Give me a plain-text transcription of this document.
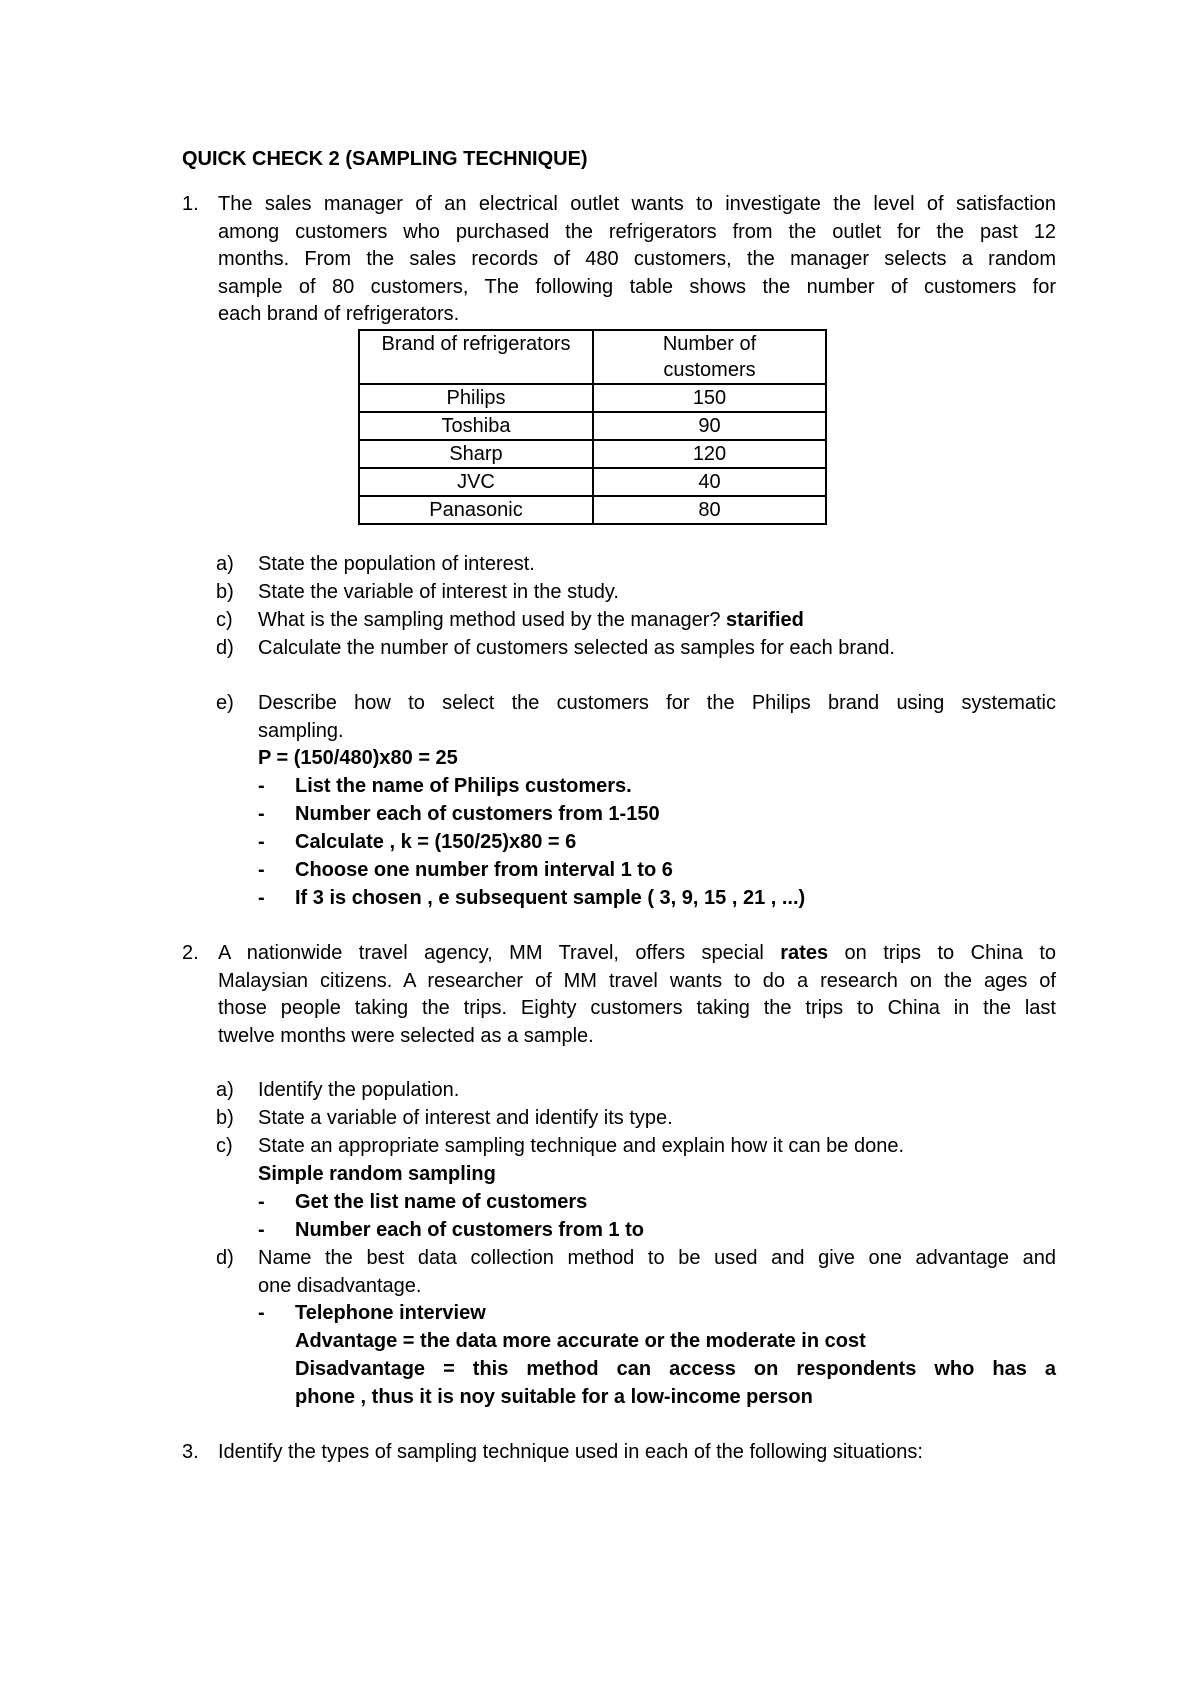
QUICK CHECK 2 (SAMPLING TECHNIQUE)
1. The sales manager of an electrical outlet wants to investigate the level of satisfaction
among customers who purchased the refrigerators from the outlet for the past 12
months. From the sales records of 480 customers, the manager selects a random
sample of 80 customers, The following table shows the number of customers for
each brand of refrigerators.
Brand of refrigerators	Number of customers

Philips	150
Toshiba	90
Sharp	120
JVC	40
Panasonic	80
a) State the population of interest.
b) State the variable of interest in the study.
c) What is the sampling method used by the manager? starified
d) Calculate the number of customers selected as samples for each brand.
e) Describe how to select the customers for the Philips brand using systematic
sampling.
P = (150/480)x80 = 25
- List the name of Philips customers.
- Number each of customers from 1-150
- Calculate , k = (150/25)x80 = 6
- Choose one number from interval 1 to 6
- If 3 is chosen , e subsequent sample ( 3, 9, 15 , 21 , ...)
2. A nationwide travel agency, MM Travel, offers special rates on trips to China to
Malaysian citizens. A researcher of MM travel wants to do a research on the ages of
those people taking the trips. Eighty customers taking the trips to China in the last
twelve months were selected as a sample.
a) Identify the population.
b) State a variable of interest and identify its type.
c) State an appropriate sampling technique and explain how it can be done.
Simple random sampling
- Get the list name of customers
- Number each of customers from 1 to
d) Name the best data collection method to be used and give one advantage and
one disadvantage.
- Telephone interview
Advantage = the data more accurate or the moderate in cost
Disadvantage = this method can access on respondents who has a
phone , thus it is noy suitable for a low-income person
3. Identify the types of sampling technique used in each of the following situations:
